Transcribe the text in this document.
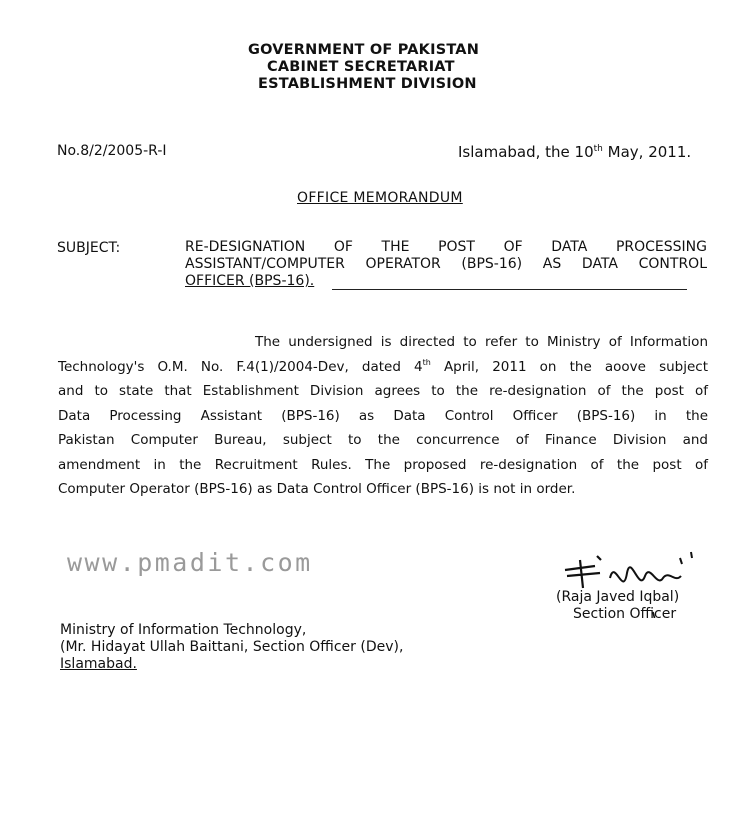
GOVERNMENT OF PAKISTAN
CABINET SECRETARIAT
ESTABLISHMENT DIVISION
No.8/2/2005-R-I	Islamabad, the 10th May, 2011.
OFFICE MEMORANDUM
SUBJECT:	RE-DESIGNATION OF THE POST OF DATA PROCESSING
ASSISTANT/COMPUTER OPERATOR (BPS-16) AS DATA CONTROL
OFFICER (BPS-16).
The undersigned is directed to refer to Ministry of Information
Technology's O.M. No. F.4(1)/2004-Dev, dated 4th April, 2011 on the aoove subject
and to state that Establishment Division agrees to the re-designation of the post of
Data Processing Assistant (BPS-16) as Data Control Officer (BPS-16) in the
Pakistan Computer Bureau, subject to the concurrence of Finance Division and
amendment in the Recruitment Rules. The proposed re-designation of the post of
Computer Operator (BPS-16) as Data Control Officer (BPS-16) is not in order.
www.pmadit.com
(Raja Javed Iqbal)
Section Officer
Ministry of Information Technology,
(Mr. Hidayat Ullah Baittani, Section Officer (Dev),
Islamabad.
